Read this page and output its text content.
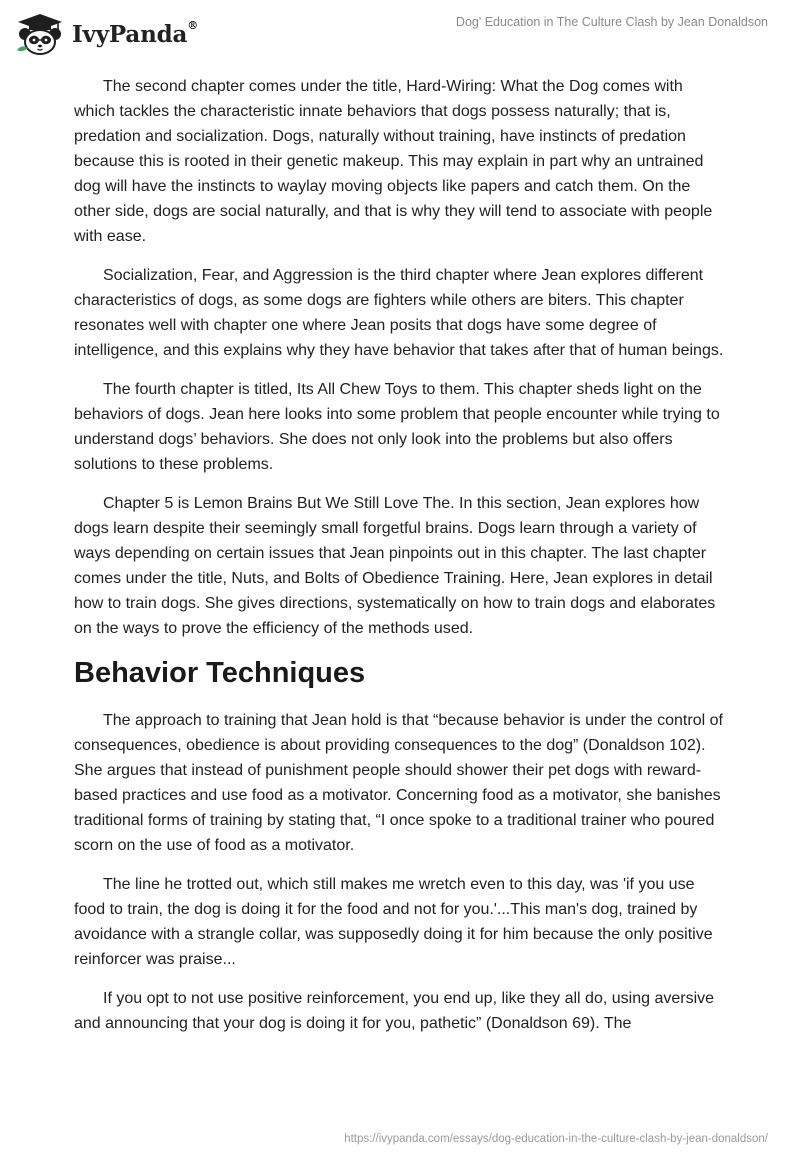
IvyPanda®	Dog' Education in The Culture Clash by Jean Donaldson

The second chapter comes under the title, Hard-Wiring: What the Dog comes with which tackles the characteristic innate behaviors that dogs possess naturally; that is, predation and socialization. Dogs, naturally without training, have instincts of predation because this is rooted in their genetic makeup. This may explain in part why an untrained dog will have the instincts to waylay moving objects like papers and catch them. On the other side, dogs are social naturally, and that is why they will tend to associate with people with ease.

Socialization, Fear, and Aggression is the third chapter where Jean explores different characteristics of dogs, as some dogs are fighters while others are biters. This chapter resonates well with chapter one where Jean posits that dogs have some degree of intelligence, and this explains why they have behavior that takes after that of human beings.

The fourth chapter is titled, Its All Chew Toys to them. This chapter sheds light on the behaviors of dogs. Jean here looks into some problem that people encounter while trying to understand dogs’ behaviors. She does not only look into the problems but also offers solutions to these problems.

Chapter 5 is Lemon Brains But We Still Love The. In this section, Jean explores how dogs learn despite their seemingly small forgetful brains. Dogs learn through a variety of ways depending on certain issues that Jean pinpoints out in this chapter. The last chapter comes under the title, Nuts, and Bolts of Obedience Training. Here, Jean explores in detail how to train dogs. She gives directions, systematically on how to train dogs and elaborates on the ways to prove the efficiency of the methods used.

Behavior Techniques

The approach to training that Jean hold is that “because behavior is under the control of consequences, obedience is about providing consequences to the dog” (Donaldson 102). She argues that instead of punishment people should shower their pet dogs with reward-based practices and use food as a motivator. Concerning food as a motivator, she banishes traditional forms of training by stating that, “I once spoke to a traditional trainer who poured scorn on the use of food as a motivator.

The line he trotted out, which still makes me wretch even to this day, was 'if you use food to train, the dog is doing it for the food and not for you.'...This man's dog, trained by avoidance with a strangle collar, was supposedly doing it for him because the only positive reinforcer was praise...

If you opt to not use positive reinforcement, you end up, like they all do, using aversive and announcing that your dog is doing it for you, pathetic” (Donaldson 69). The

https://ivypanda.com/essays/dog-education-in-the-culture-clash-by-jean-donaldson/
